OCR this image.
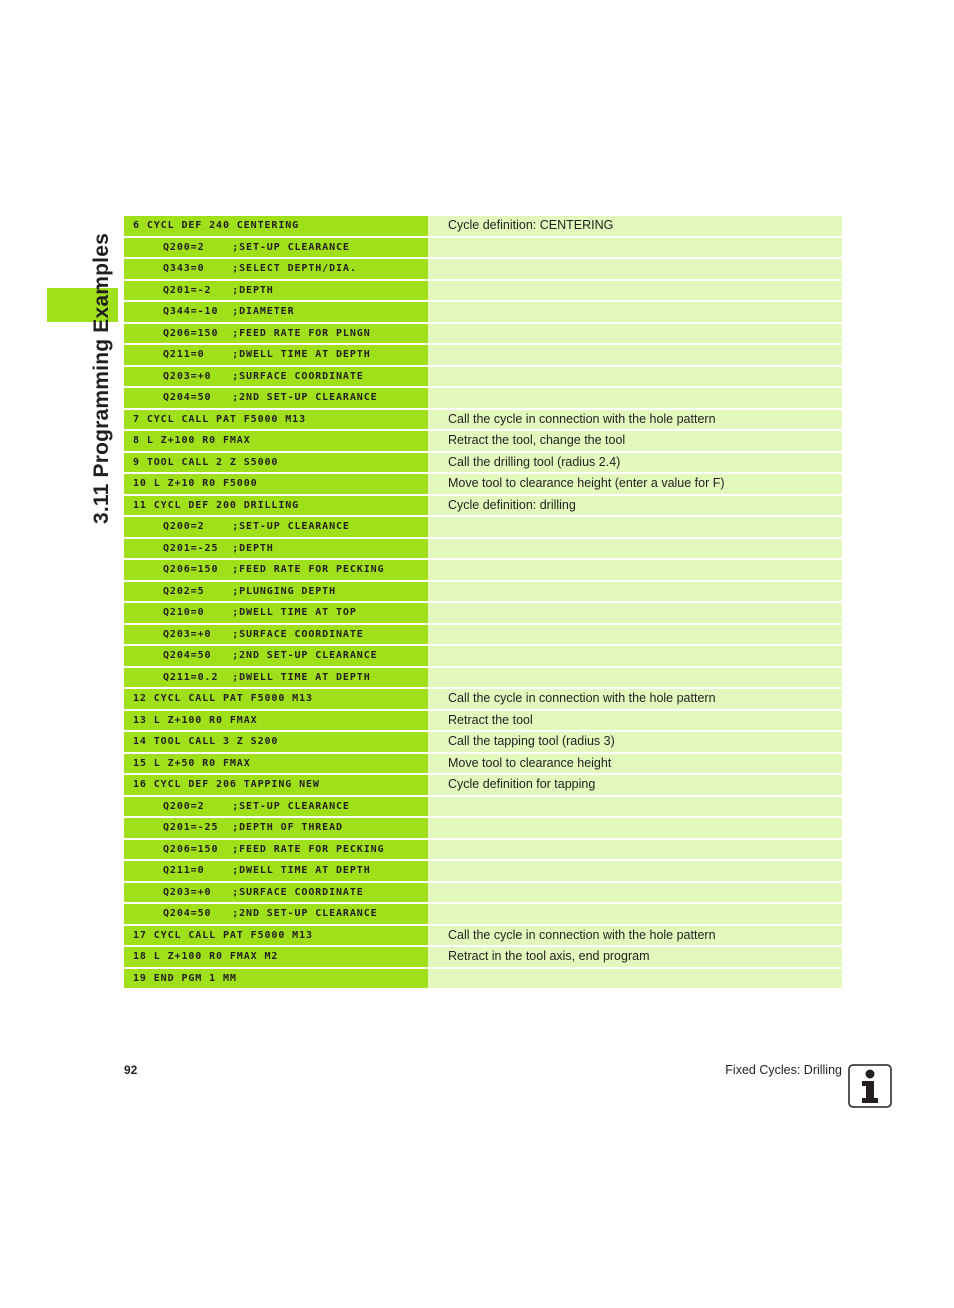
3.11 Programming Examples
6 CYCL DEF 240 CENTERING	Cycle definition: CENTERING
Q200=2    ;SET-UP CLEARANCE
Q343=0    ;SELECT DEPTH/DIA.
Q201=-2   ;DEPTH
Q344=-10  ;DIAMETER
Q206=150  ;FEED RATE FOR PLNGN
Q211=0    ;DWELL TIME AT DEPTH
Q203=+0   ;SURFACE COORDINATE
Q204=50   ;2ND SET-UP CLEARANCE
7 CYCL CALL PAT F5000 M13	Call the cycle in connection with the hole pattern
8 L Z+100 R0 FMAX	Retract the tool, change the tool
9 TOOL CALL 2 Z S5000	Call the drilling tool (radius 2.4)
10 L Z+10 R0 F5000	Move tool to clearance height (enter a value for F)
11 CYCL DEF 200 DRILLING	Cycle definition: drilling
Q200=2    ;SET-UP CLEARANCE
Q201=-25  ;DEPTH
Q206=150  ;FEED RATE FOR PECKING
Q202=5    ;PLUNGING DEPTH
Q210=0    ;DWELL TIME AT TOP
Q203=+0   ;SURFACE COORDINATE
Q204=50   ;2ND SET-UP CLEARANCE
Q211=0.2  ;DWELL TIME AT DEPTH
12 CYCL CALL PAT F5000 M13	Call the cycle in connection with the hole pattern
13 L Z+100 R0 FMAX	Retract the tool
14 TOOL CALL 3 Z S200	Call the tapping tool (radius 3)
15 L Z+50 R0 FMAX	Move tool to clearance height
16 CYCL DEF 206 TAPPING NEW	Cycle definition for tapping
Q200=2    ;SET-UP CLEARANCE
Q201=-25  ;DEPTH OF THREAD
Q206=150  ;FEED RATE FOR PECKING
Q211=0    ;DWELL TIME AT DEPTH
Q203=+0   ;SURFACE COORDINATE
Q204=50   ;2ND SET-UP CLEARANCE
17 CYCL CALL PAT F5000 M13	Call the cycle in connection with the hole pattern
18 L Z+100 R0 FMAX M2	Retract in the tool axis, end program
19 END PGM 1 MM
92	Fixed Cycles: Drilling
